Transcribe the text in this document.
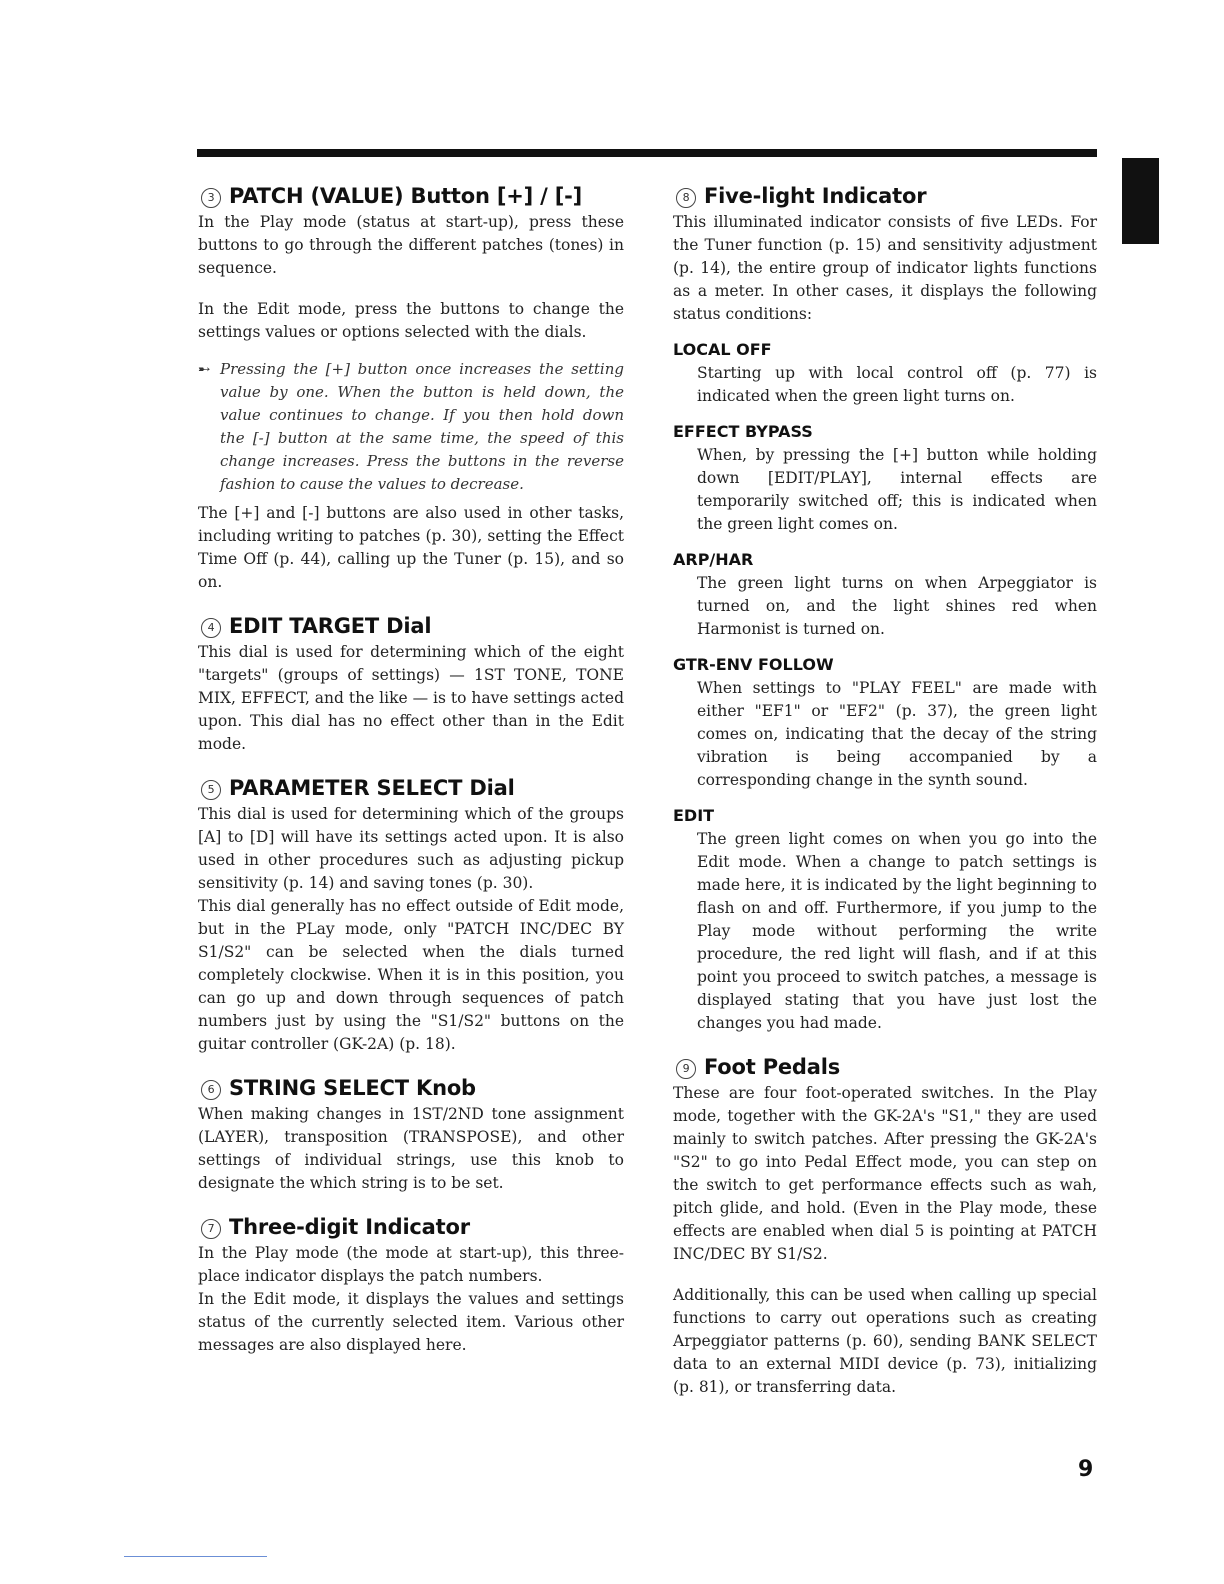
3 PATCH (VALUE) Button [+] / [-]

In the Play mode (status at start-up), press these buttons to go through the different patches (tones) in sequence.

In the Edit mode, press the buttons to change the settings values or options selected with the dials.

➸ Pressing the [+] button once increases the setting value by one. When the button is held down, the value continues to change. If you then hold down the [-] button at the same time, the speed of this change increases. Press the buttons in the reverse fashion to cause the values to decrease.

The [+] and [-] buttons are also used in other tasks, including writing to patches (p. 30), setting the Effect Time Off (p. 44), calling up the Tuner (p. 15), and so on.

4 EDIT TARGET Dial

This dial is used for determining which of the eight "targets" (groups of settings) — 1ST TONE, TONE MIX, EFFECT, and the like — is to have settings acted upon. This dial has no effect other than in the Edit mode.

5 PARAMETER SELECT Dial

This dial is used for determining which of the groups [A] to [D] will have its settings acted upon. It is also used in other procedures such as adjusting pickup sensitivity (p. 14) and saving tones (p. 30).

This dial generally has no effect outside of Edit mode, but in the PLay mode, only "PATCH INC/DEC BY S1/S2" can be selected when the dials turned completely clockwise. When it is in this position, you can go up and down through sequences of patch numbers just by using the "S1/S2" buttons on the guitar controller (GK-2A) (p. 18).

6 STRING SELECT Knob

When making changes in 1ST/2ND tone assignment (LAYER), transposition (TRANSPOSE), and other settings of individual strings, use this knob to designate the which string is to be set.

7 Three-digit Indicator

In the Play mode (the mode at start-up), this three-place indicator displays the patch numbers.

In the Edit mode, it displays the values and settings status of the currently selected item. Various other messages are also displayed here.

8 Five-light Indicator

This illuminated indicator consists of five LEDs. For the Tuner function (p. 15) and sensitivity adjustment (p. 14), the entire group of indicator lights functions as a meter. In other cases, it displays the following status conditions:

LOCAL OFF

Starting up with local control off (p. 77) is indicated when the green light turns on.

EFFECT BYPASS

When, by pressing the [+] button while holding down [EDIT/PLAY], internal effects are temporarily switched off; this is indicated when the green light comes on.

ARP/HAR

The green light turns on when Arpeggiator is turned on, and the light shines red when Harmonist is turned on.

GTR-ENV FOLLOW

When settings to "PLAY FEEL" are made with either "EF1" or "EF2" (p. 37), the green light comes on, indicating that the decay of the string vibration is being accompanied by a corresponding change in the synth sound.

EDIT

The green light comes on when you go into the Edit mode. When a change to patch settings is made here, it is indicated by the light beginning to flash on and off. Furthermore, if you jump to the Play mode without performing the write procedure, the red light will flash, and if at this point you proceed to switch patches, a message is displayed stating that you have just lost the changes you had made.

9 Foot Pedals

These are four foot-operated switches. In the Play mode, together with the GK-2A's "S1," they are used mainly to switch patches. After pressing the GK-2A's "S2" to go into Pedal Effect mode, you can step on the switch to get performance effects such as wah, pitch glide, and hold. (Even in the Play mode, these effects are enabled when dial 5 is pointing at PATCH INC/DEC BY S1/S2.

Additionally, this can be used when calling up special functions to carry out operations such as creating Arpeggiator patterns (p. 60), sending BANK SELECT data to an external MIDI device (p. 73), initializing (p. 81), or transferring data.

9
